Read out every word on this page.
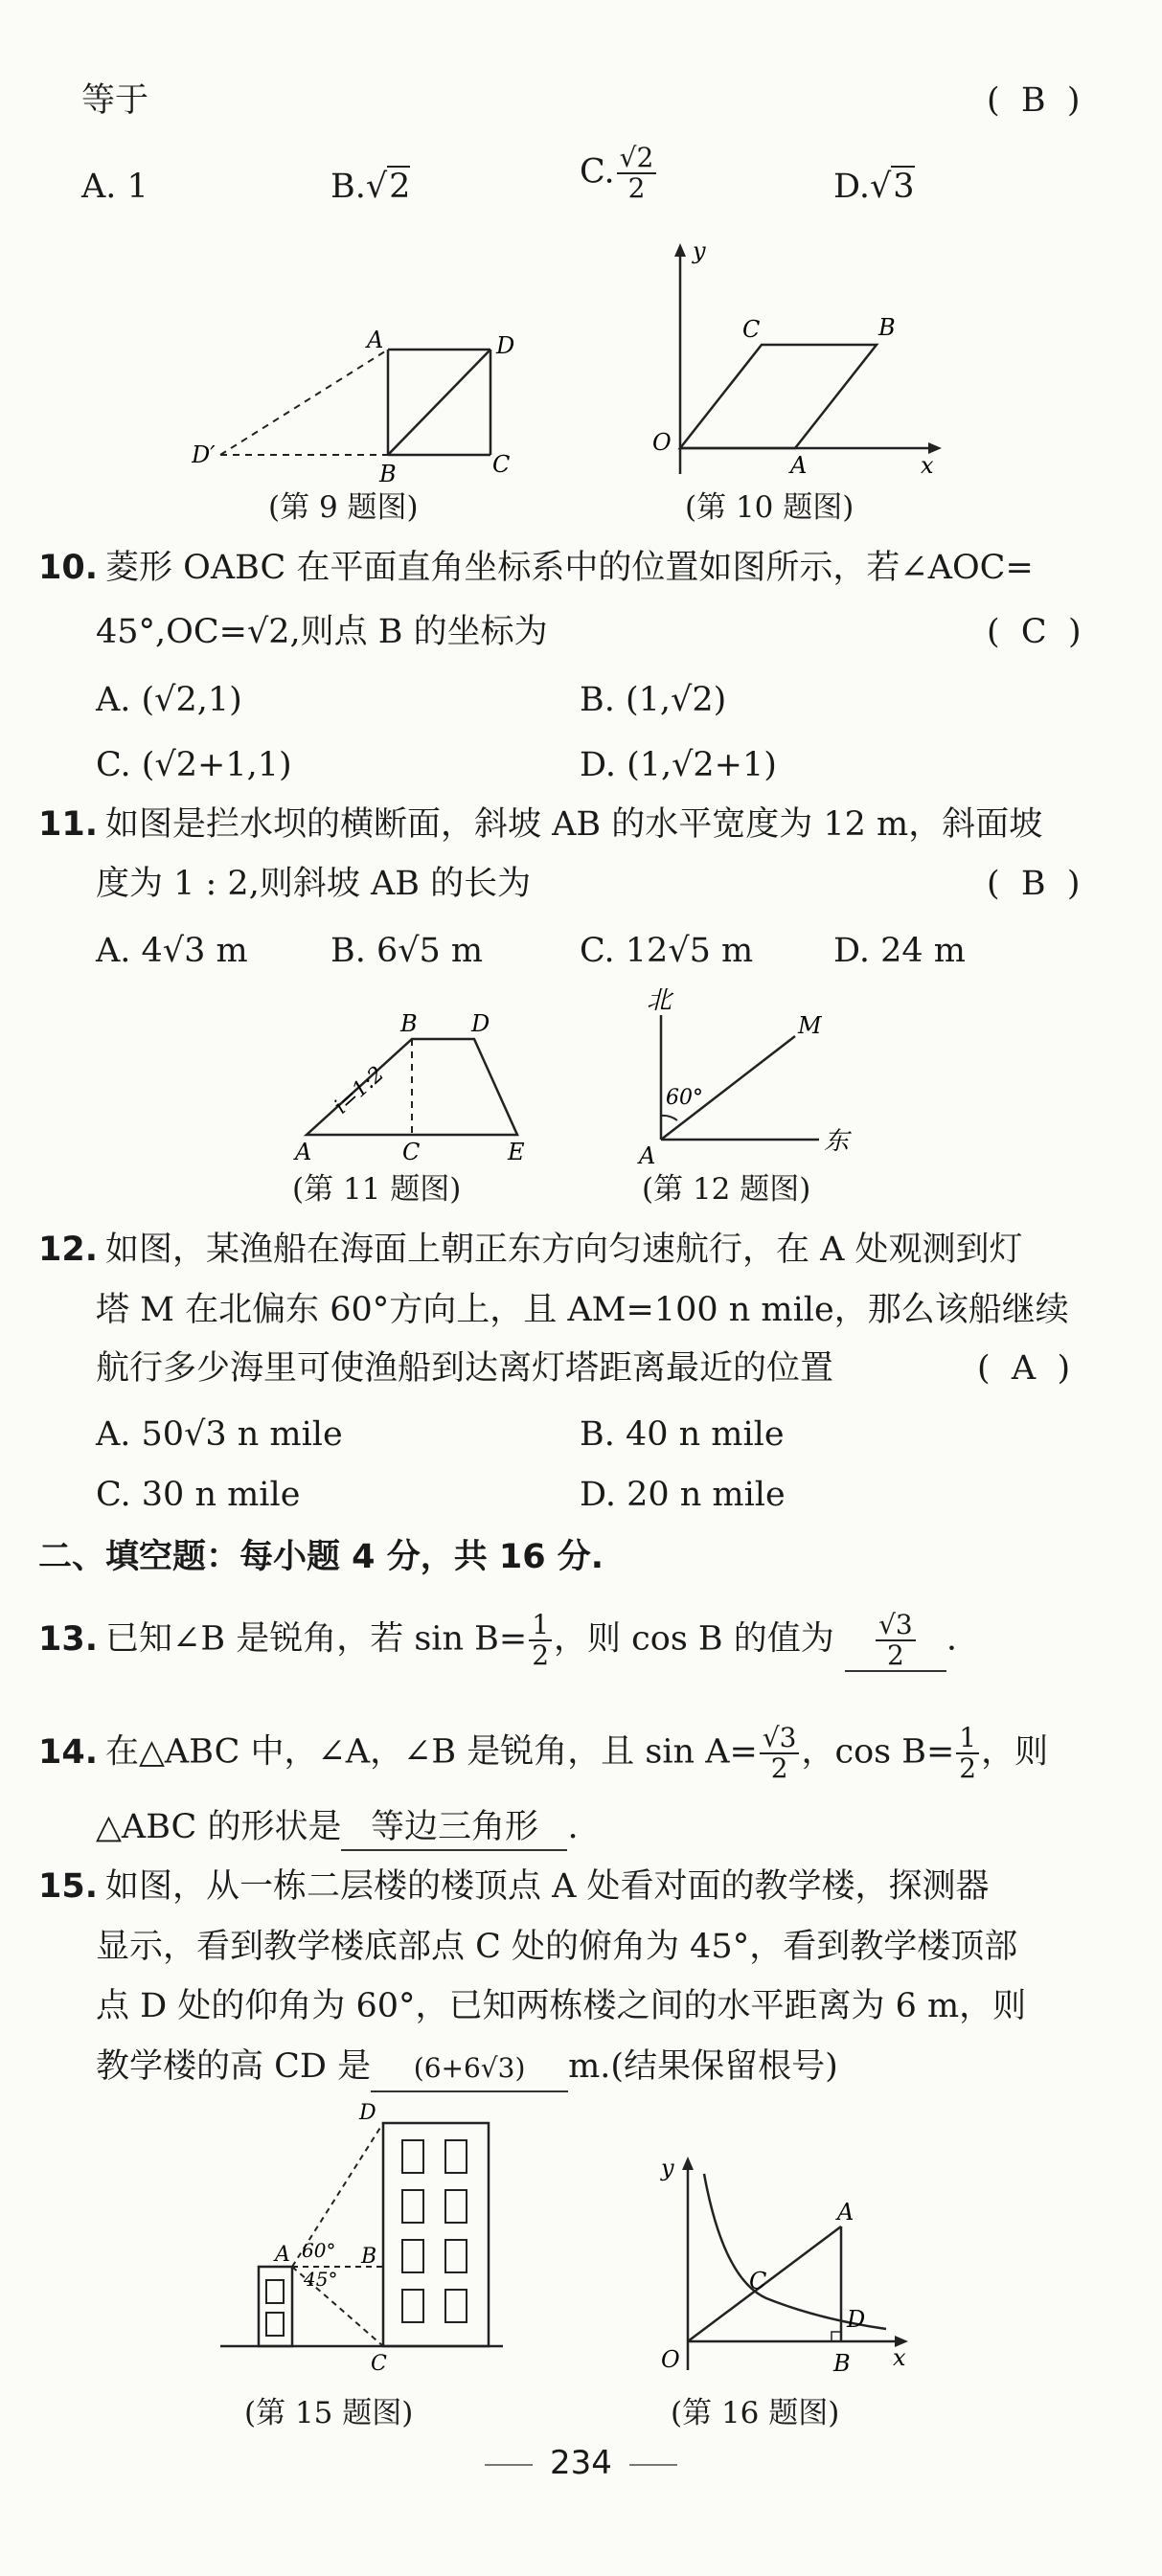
等于	(  B  )
A. 1	B.√2	C. $\frac{√2}{2}$	D.√3
A	D
D′
B	C
(第 9 题图)
y
C	B
O
A	x
(第 10 题图)
10. 菱形 OABC 在平面直角坐标系中的位置如图所示，若∠AOC=
45°,OC=√2,则点 B 的坐标为	(  C  )
A. (√2,1)	B. (1,√2)
C. (√2+1,1)	D. (1,√2+1)
11. 如图是拦水坝的横断面，斜坡 AB 的水平宽度为 12 m，斜面坡
度为 1 : 2,则斜坡 AB 的长为	(  B  )
A. 4√3 m B. 6√5 m	C. 12√5 m D. 24 m
B D
i=1:2
A	C	E
(第 11 题图)
北
M
60°
东
A
(第 12 题图)
12. 如图，某渔船在海面上朝正东方向匀速航行，在 A 处观测到灯
塔 M 在北偏东 60°方向上，且 AM=100 n mile，那么该船继续
航行多少海里可使渔船到达离灯塔距离最近的位置	(  A  )
A. 50√3 n mile	B. 40 n mile
C. 30 n mile	D. 20 n mile
二、填空题：每小题 4 分，共 16 分.
13. 已知∠B 是锐角，若 $\sin B= \frac{1}{2}$ ，则 cos B 的值为 $\frac{√3}{2}$ .
14. 在△ABC 中，∠A，∠B 是锐角，且 $\sin A= \frac{√3}{2}$ ，$\cos B= \frac{1}{2}$ ，则
△ABC 的形状是 等边三角形 .
15. 如图，从一栋二层楼的楼顶点 A 处看对面的教学楼，探测器
显示，看到教学楼底部点 C 处的俯角为 45°，看到教学楼顶部
点 D 处的仰角为 60°，已知两栋楼之间的水平距离为 6 m，则
教学楼的高 CD 是 (6+6√3) m.(结果保留根号)
D
A 60° B
45°
C
(第 15 题图)
y
A
C
D
O	B x
(第 16 题图)
234
